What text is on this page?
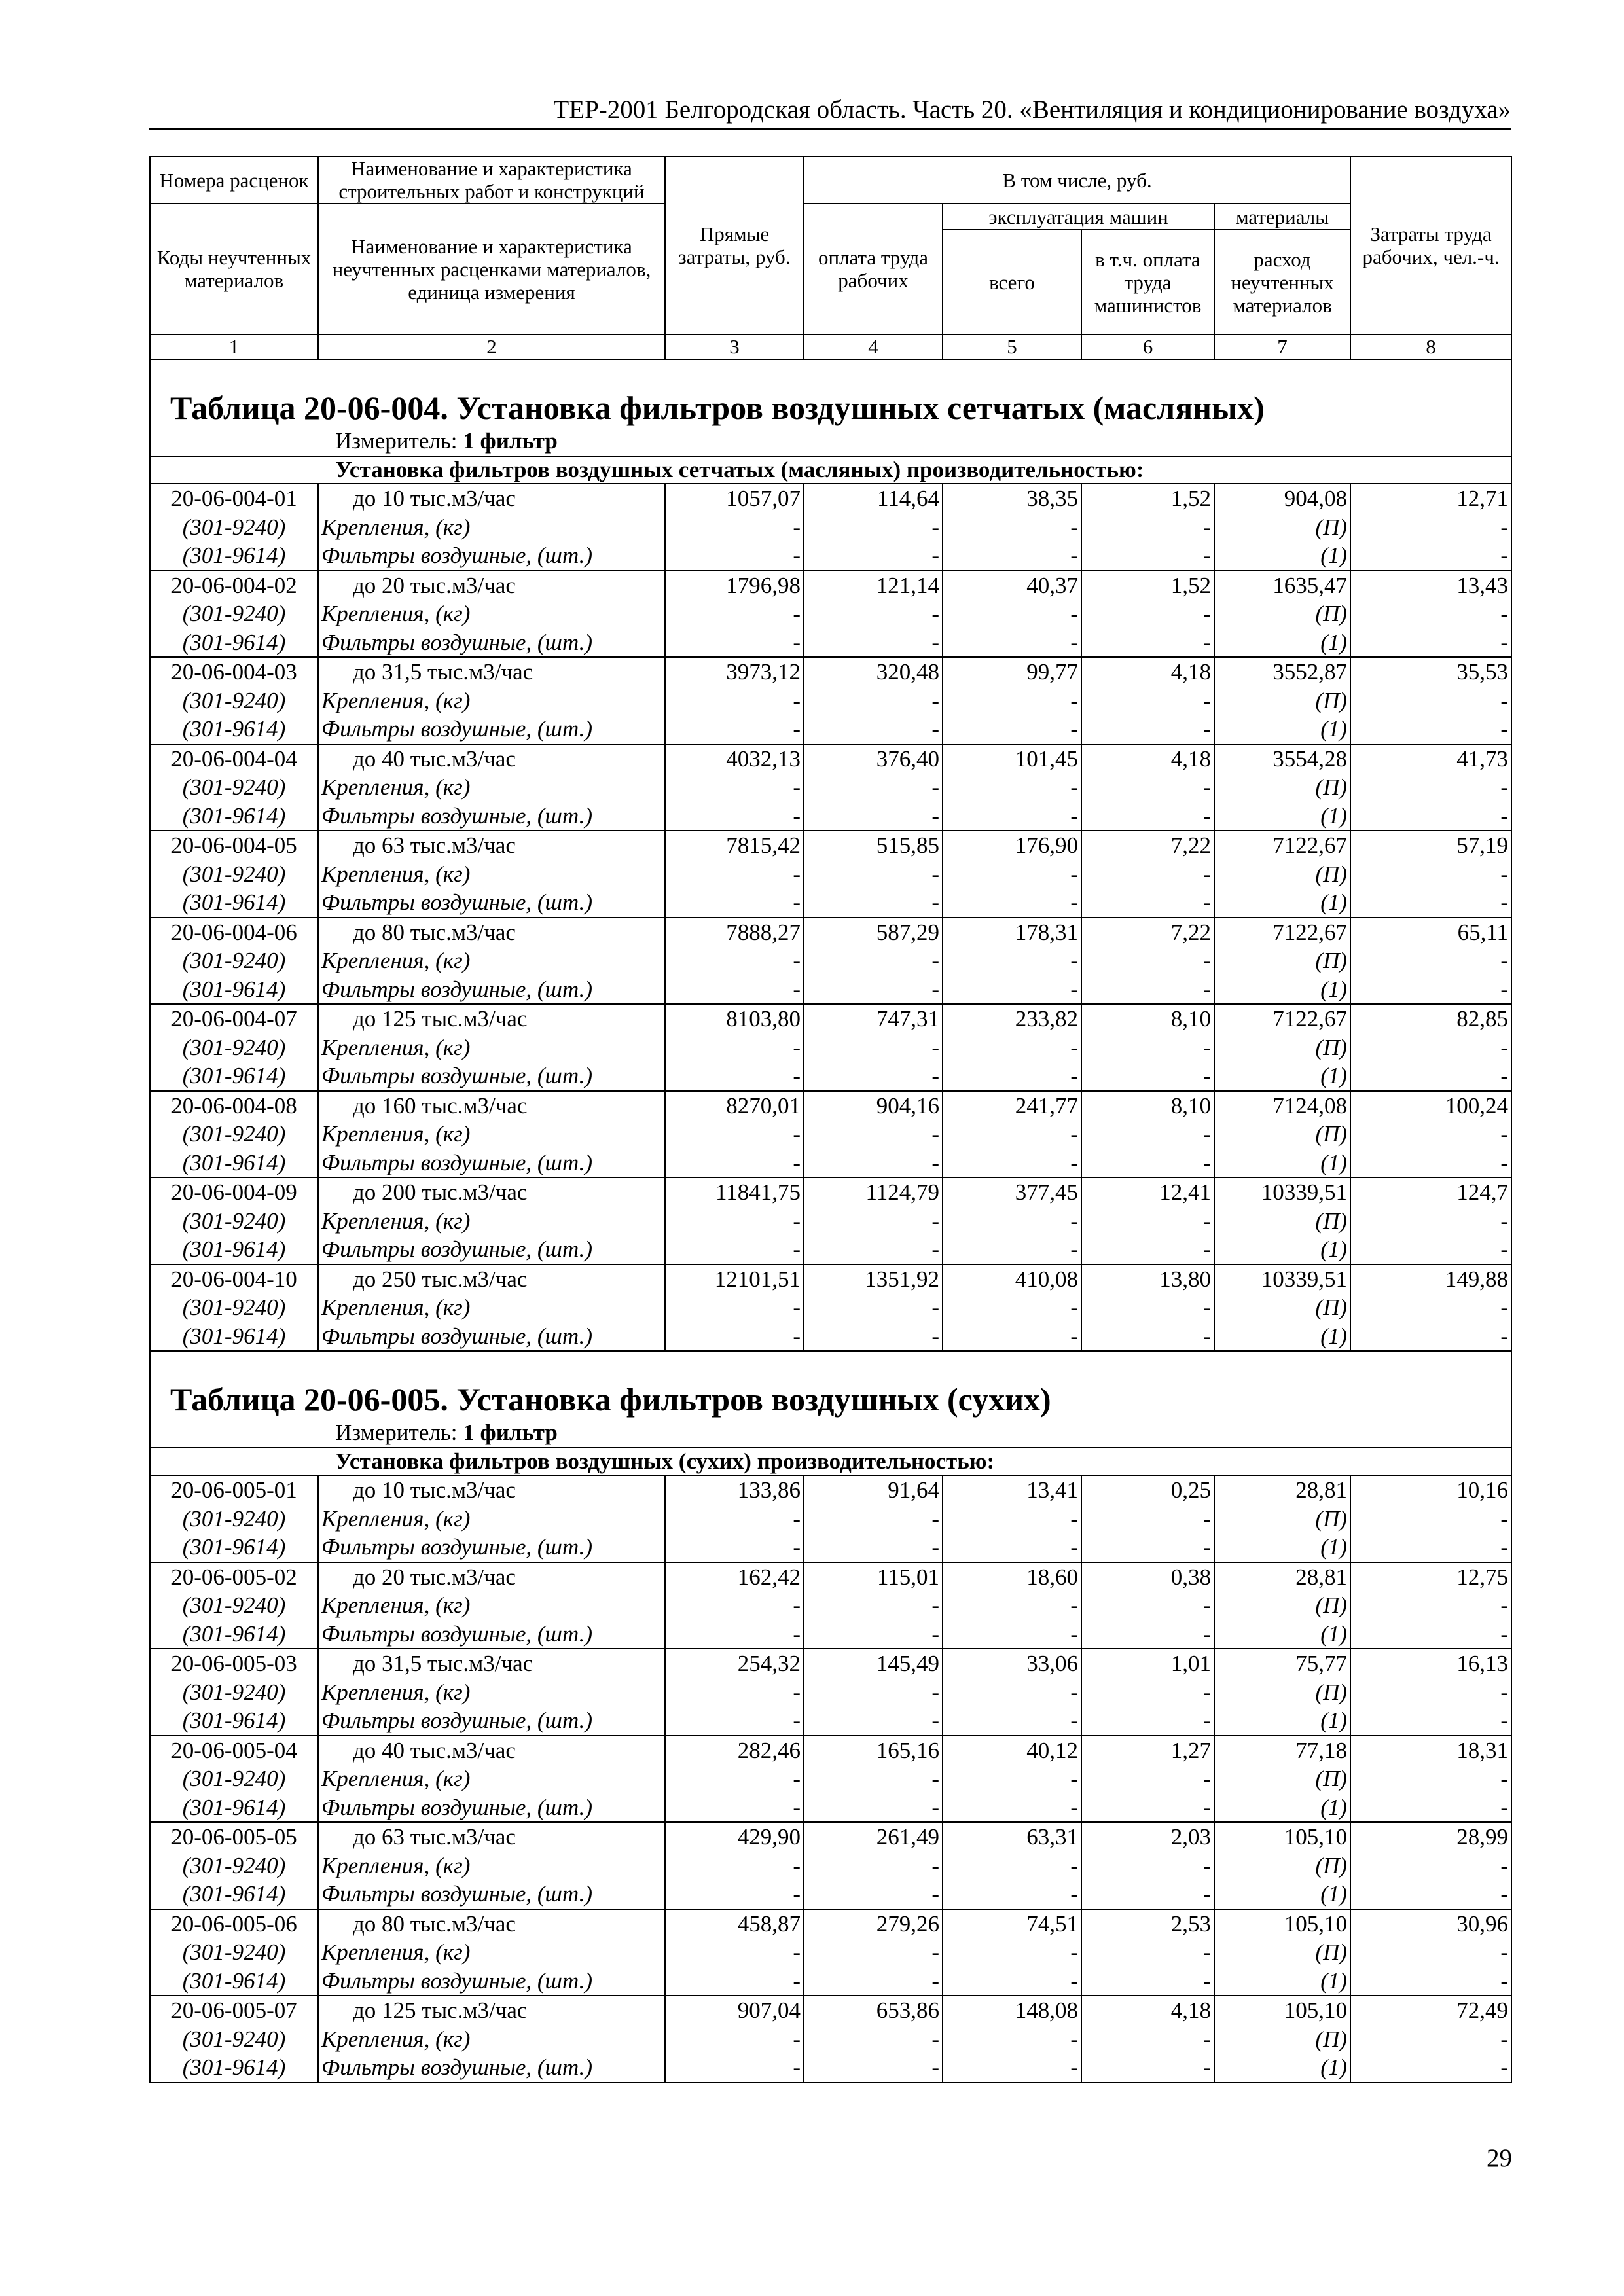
ТЕР-2001 Белгородская область. Часть 20. «Вентиляция и кондиционирование воздуха»
Номера расценок	Наименование и характеристика строительных работ и конструкций	Прямые затраты, руб.	В том числе, руб.				Затраты труда рабочих, чел.-ч.
Коды неучтенных материалов	Наименование и характеристика неучтенных расценками материалов, единица измерения		оплата труда рабочих	эксплуатация машин		материалы	
				всего	в т.ч. оплата труда машинистов	расход неучтенных материалов	
1	2	3	4	5	6	7	8
Таблица 20-06-004. Установка фильтров воздушных сетчатых (масляных)							
Измеритель: 1 фильтр							
Установка фильтров воздушных сетчатых (масляных) производительностью:							
20-06-004-01	до 10 тыс.м3/час	1057,07	114,64	38,35	1,52	904,08	12,71
(301-9240)	Крепления, (кг)	-	-	-	-	(П)	-
(301-9614)	Фильтры воздушные, (шт.)	-	-	-	-	(1)	-
20-06-004-02	до 20 тыс.м3/час	1796,98	121,14	40,37	1,52	1635,47	13,43
(301-9240)	Крепления, (кг)	-	-	-	-	(П)	-
(301-9614)	Фильтры воздушные, (шт.)	-	-	-	-	(1)	-
20-06-004-03	до 31,5 тыс.м3/час	3973,12	320,48	99,77	4,18	3552,87	35,53
(301-9240)	Крепления, (кг)	-	-	-	-	(П)	-
(301-9614)	Фильтры воздушные, (шт.)	-	-	-	-	(1)	-
20-06-004-04	до 40 тыс.м3/час	4032,13	376,40	101,45	4,18	3554,28	41,73
(301-9240)	Крепления, (кг)	-	-	-	-	(П)	-
(301-9614)	Фильтры воздушные, (шт.)	-	-	-	-	(1)	-
20-06-004-05	до 63 тыс.м3/час	7815,42	515,85	176,90	7,22	7122,67	57,19
(301-9240)	Крепления, (кг)	-	-	-	-	(П)	-
(301-9614)	Фильтры воздушные, (шт.)	-	-	-	-	(1)	-
20-06-004-06	до 80 тыс.м3/час	7888,27	587,29	178,31	7,22	7122,67	65,11
(301-9240)	Крепления, (кг)	-	-	-	-	(П)	-
(301-9614)	Фильтры воздушные, (шт.)	-	-	-	-	(1)	-
20-06-004-07	до 125 тыс.м3/час	8103,80	747,31	233,82	8,10	7122,67	82,85
(301-9240)	Крепления, (кг)	-	-	-	-	(П)	-
(301-9614)	Фильтры воздушные, (шт.)	-	-	-	-	(1)	-
20-06-004-08	до 160 тыс.м3/час	8270,01	904,16	241,77	8,10	7124,08	100,24
(301-9240)	Крепления, (кг)	-	-	-	-	(П)	-
(301-9614)	Фильтры воздушные, (шт.)	-	-	-	-	(1)	-
20-06-004-09	до 200 тыс.м3/час	11841,75	1124,79	377,45	12,41	10339,51	124,7
(301-9240)	Крепления, (кг)	-	-	-	-	(П)	-
(301-9614)	Фильтры воздушные, (шт.)	-	-	-	-	(1)	-
20-06-004-10	до 250 тыс.м3/час	12101,51	1351,92	410,08	13,80	10339,51	149,88
(301-9240)	Крепления, (кг)	-	-	-	-	(П)	-
(301-9614)	Фильтры воздушные, (шт.)	-	-	-	-	(1)	-
Таблица 20-06-005. Установка фильтров воздушных (сухих)							
Измеритель: 1 фильтр							
Установка фильтров воздушных (сухих) производительностью:							
20-06-005-01	до 10 тыс.м3/час	133,86	91,64	13,41	0,25	28,81	10,16
(301-9240)	Крепления, (кг)	-	-	-	-	(П)	-
(301-9614)	Фильтры воздушные, (шт.)	-	-	-	-	(1)	-
20-06-005-02	до 20 тыс.м3/час	162,42	115,01	18,60	0,38	28,81	12,75
(301-9240)	Крепления, (кг)	-	-	-	-	(П)	-
(301-9614)	Фильтры воздушные, (шт.)	-	-	-	-	(1)	-
20-06-005-03	до 31,5 тыс.м3/час	254,32	145,49	33,06	1,01	75,77	16,13
(301-9240)	Крепления, (кг)	-	-	-	-	(П)	-
(301-9614)	Фильтры воздушные, (шт.)	-	-	-	-	(1)	-
20-06-005-04	до 40 тыс.м3/час	282,46	165,16	40,12	1,27	77,18	18,31
(301-9240)	Крепления, (кг)	-	-	-	-	(П)	-
(301-9614)	Фильтры воздушные, (шт.)	-	-	-	-	(1)	-
20-06-005-05	до 63 тыс.м3/час	429,90	261,49	63,31	2,03	105,10	28,99
(301-9240)	Крепления, (кг)	-	-	-	-	(П)	-
(301-9614)	Фильтры воздушные, (шт.)	-	-	-	-	(1)	-
20-06-005-06	до 80 тыс.м3/час	458,87	279,26	74,51	2,53	105,10	30,96
(301-9240)	Крепления, (кг)	-	-	-	-	(П)	-
(301-9614)	Фильтры воздушные, (шт.)	-	-	-	-	(1)	-
20-06-005-07	до 125 тыс.м3/час	907,04	653,86	148,08	4,18	105,10	72,49
(301-9240)	Крепления, (кг)	-	-	-	-	(П)	-
(301-9614)	Фильтры воздушные, (шт.)	-	-	-	-	(1)	-
29
